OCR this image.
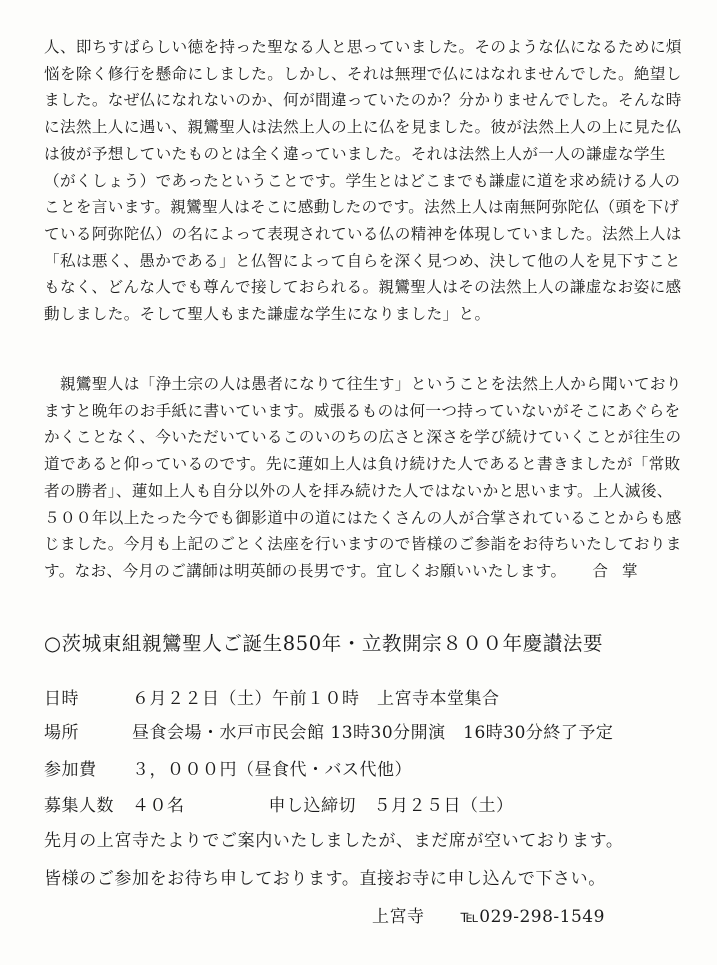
人、即ちすばらしい徳を持った聖なる人と思っていました。そのような仏になるために煩
悩を除く修行を懸命にしました。しかし、それは無理で仏にはなれませんでした。絶望し
ました。なぜ仏になれないのか、何が間違っていたのか？分かりませんでした。そんな時
に法然上人に遇い、親鸞聖人は法然上人の上に仏を見ました。彼が法然上人の上に見た仏
は彼が予想していたものとは全く違っていました。それは法然上人が一人の謙虚な学生
（がくしょう）であったということです。学生とはどこまでも謙虚に道を求め続ける人の
ことを言います。親鸞聖人はそこに感動したのです。法然上人は南無阿弥陀仏（頭を下げ
ている阿弥陀仏）の名によって表現されている仏の精神を体現していました。法然上人は
「私は悪く、愚かである」と仏智によって自らを深く見つめ、決して他の人を見下すこと
もなく、どんな人でも尊んで接しておられる。親鸞聖人はその法然上人の謙虚なお姿に感
動しました。そして聖人もまた謙虚な学生になりました」と。
　親鸞聖人は「浄土宗の人は愚者になりて往生す」ということを法然上人から聞いており
ますと晩年のお手紙に書いています。威張るものは何一つ持っていないがそこにあぐらを
かくことなく、今いただいているこのいのちの広さと深さを学び続けていくことが往生の
道であると仰っているのです。先に蓮如上人は負け続けた人であると書きましたが「常敗
者の勝者」、蓮如上人も自分以外の人を拝み続けた人ではないかと思います。上人滅後、
５００年以上たった今でも御影道中の道にはたくさんの人が合掌されていることからも感
じました。今月も上記のごとく法座を行いますので皆様のご参詣をお待ちいたしておりま
す。なお、今月のご講師は明英師の長男です。宜しくお願いいたします。 合掌
○茨城東組親鸞聖人ご誕生850年・立教開宗８００年慶讃法要
日時	６月２２日（土）午前１０時　上宮寺本堂集合
場所	昼食会場・水戸市民会館 13時30分開演　16時30分終了予定
参加費 ３，０００円（昼食代・バス代他）
募集人数 ４０名	申し込締切　５月２５日（土）
先月の上宮寺たよりでご案内いたしましたが、まだ席が空いております。
皆様のご参加をお待ち申しております。直接お寺に申し込んで下さい。
上宮寺 ℡029-298-1549
